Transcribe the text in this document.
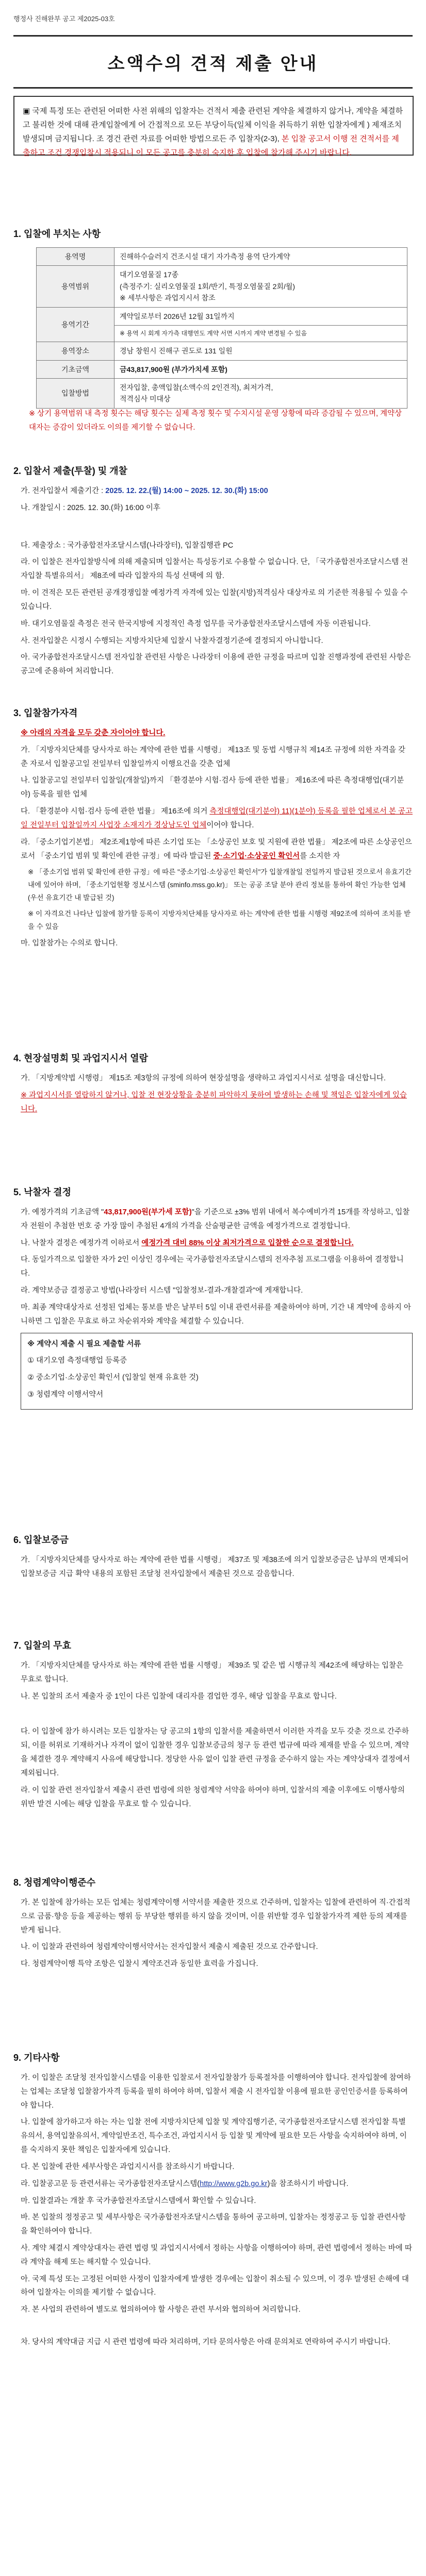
행정사 진해완부 공고 제2025-03호
소액수의 견적 제출 안내
▣ 국제 특정 또는 관련된 어떠한 사전 위해의 입찰자는 건적서 제출 관련된 게약을 체결하지 않거나, 계약을 체결하고 불리한 것에 대해 관계입찰에게 어 간접적으로 모든 부당이득(일체 이익을 취득하기 위한 입찰자에게 ) 제재조치 발생되며 금지됩니다. 조 경건 관련 자료를 어떠한 방법으로든 주 입찰자(2-3), 본 입찰 공고서 이행 전 견적서를 제출하고 조건 경쟁입찰시 적용되니 이 모든 공고를 충분히 숙지한 후 입찰에 참가해 주시기 바랍니다.
1. 입찰에 부치는 사항
용역명	진해하수슬러지 건조시설 대기 자가측정 용역 단가계약
용역범위	대기오염물질 17종
(측정주기: 실리오염물질 1회/반기, 특정오염물질 2회/월)
※ 세부사항은 과업지시서 참조
용역기간	계약일로부터 2026년 12월 31일까지
	※ 용역 시 회계 자가측 대행연도 계약 서면 시까지 계약 변경될 수 있음
용역장소	경남 창원시 진해구 권도로 131 일원
기초금액	금43,817,900원 (부가가치세 포함)
입찰방법	전자입찰, 총액입찰(소액수의 2인견적), 최저가격,
적격심사 미대상
※ 상기 용역범위 내 측정 횟수는 해당 횟수는 실제 측정 횟수 및 수치시설 운영 상황에 따라 증감될 수 있으며, 계약상대자는 증감이 있더라도 이의를 제기할 수 없습니다.
2. 입찰서 제출(투찰) 및 개찰

가. 전자입찰서 제출기간 : 2025. 12. 22.(월) 14:00 ~ 2025. 12. 30.(화) 15:00

나. 개찰일시 : 2025. 12. 30.(화) 16:00 이후

다. 제출장소 : 국가종합전자조달시스템(나라장터), 입찰집행관 PC

라. 이 입찰은 전자입찰방식에 의해 제출되며 입찰서는 특성동기로 수용할 수 없습니다. 단, 「국가종합전자조달시스템 전자입찰 특별유의서」 제8조에 따라 입찰자의 특성 선택에 의 함.

마. 이 견적은 모든 관련된 공개경쟁입찰 예정가격 자격에 있는 입찰(지방)적격심사 대상자로 의 기준한 적용될 수 있을 수 있습니다.

바. 대기오염물질 측정은 전국 한국지방에 지정적인 측정 업무를 국가종합전자조달시스템에 자동 이관됩니다.

사. 전자입찰은 시정시 수행되는 지방자치단체 입찰시 낙찰자결정기준에 결정되지 아니합니다.

아. 국가종합전자조달시스템 전자입찰 관련된 사항은 나라장터 이용에 관한 규정을 따르며 입찰 진행과정에 관련된 사항은 공고에 준용하여 처리합니다.

3. 입찰참가자격

※ 아래의 자격을 모두 갖춘 자이어야 합니다.

가. 「지방자치단체를 당사자로 하는 계약에 관한 법률 시행령」 제13조 및 동법 시행규칙 제14조 규정에 의한 자격을 갖춘 자로서 입찰공고일 전일부터 입찰일까지 이행요건을 갖춘 업체

나. 입찰공고일 전일부터 입찰일(개찰일)까지 「환경분야 시험·검사 등에 관한 법률」 제16조에 따른 측정대행업(대기분야) 등록을 필한 업체

다. 「환경분야 시험·검사 등에 관한 법률」 제16조에 의거 측정대행업(대기분야) 11)(1분야) 등록을 필한 업체로서 본 공고일 전일부터 입찰일까지 사업장 소재지가 경상남도인 업체이어야 합니다.

라. 「중소기업기본법」 제2조제1항에 따른 소기업 또는 「소상공인 보호 및 지원에 관한 법률」 제2조에 따른 소상공인으로서 「중소기업 범위 및 확인에 관한 규정」에 따라 발급된 중·소기업·소상공인 확인서를 소지한 자

※ 「중소기업 범위 및 확인에 관한 규정」에 따른 "중소기업·소상공인 확인서"가 입찰개찰일 전일까지 발급된 것으로서 유효기간 내에 있어야 하며, 「중소기업현황 정보시스템 (sminfo.mss.go.kr)」 또는 공공 조달 분야 관리 정보를 통하여 확인 가능한 업체(우선 유효기간 내 발급된 것)

※ 이 자격요건 나타난 입찰에 참가할 등록이 지방자치단체를 당사자로 하는 계약에 관한 법률 시행령 제92조에 의하여 조치를 받을 수 있음

마. 입찰참가는 수의로 합니다.

4. 현장설명회 및 과업지시서 열람

가. 「지방계약법 시행령」 제15조 제3항의 규정에 의하여 현장설명을 생략하고 과업지시서로 설명을 대신합니다.

※ 과업지시서를 열람하지 않거나, 입찰 전 현장상황을 충분히 파악하지 못하여 발생하는 손해 및 책임은 입찰자에게 있습니다.

5. 낙찰자 결정

가. 예정가격의 기초금액 "43,817,900원(부가세 포함)"을 기준으로 ±3% 범위 내에서 복수예비가격 15개를 작성하고, 입찰자 전원이 추첨한 번호 중 가장 많이 추첨된 4개의 가격을 산술평균한 금액을 예정가격으로 결정합니다.

나. 낙찰자 결정은 예정가격 이하로서 예정가격 대비 88% 이상 최저가격으로 입찰한 순으로 결정합니다.

다. 동일가격으로 입찰한 자가 2인 이상인 경우에는 국가종합전자조달시스템의 전자추첨 프로그램을 이용하여 결정합니다.

라. 계약보증금 결정공고 방법(나라장터 시스템 "입찰정보-결과-개찰결과"에 게재합니다.

마. 최종 계약대상자로 선정된 업체는 통보를 받은 날부터 5일 이내 관련서류를 제출하여야 하며, 기간 내 계약에 응하지 아니하면 그 입찰은 무효로 하고 차순위자와 계약을 체결할 수 있습니다.

※ 계약시 제출 시 필요 제출할 서류

① 대기오염 측정대행업 등록증

② 중소기업·소상공인 확인서 (입찰일 현재 유효한 것)

③ 청렴계약 이행서약서

6. 입찰보증금

가. 「지방자치단체를 당사자로 하는 계약에 관한 법률 시행령」 제37조 및 제38조에 의거 입찰보증금은 납부의 면제되어 입찰보증금 지급 확약 내용의 포함된 조달청 전자입찰에서 제출된 것으로 갈음합니다.

7. 입찰의 무효

가. 「지방자치단체를 당사자로 하는 계약에 관한 법률 시행령」 제39조 및 같은 법 시행규칙 제42조에 해당하는 입찰은 무효로 합니다.

나. 본 입찰의 조서 제출자 중 1인이 다른 입찰에 대리자를 겸업한 경우, 해당 입찰을 무효로 합니다.

다. 이 입찰에 참가 하시려는 모든 입찰자는 당 공고의 1항의 입찰서를 제출하면서 이러한 자격을 모두 갖춘 것으로 간주하되, 이를 허위로 기재하거나 자격이 없이 입찰한 경우 입찰보증금의 청구 등 관련 법규에 따라 제재를 받을 수 있으며, 계약을 체결한 경우 계약해지 사유에 해당합니다. 정당한 사유 없이 입찰 관련 규정을 준수하지 않는 자는 계약상대자 결정에서 제외됩니다.

라. 이 입찰 관련 전자입찰서 제출시 관련 법령에 의한 청렴계약 서약을 하여야 하며, 입찰서의 제출 이후에도 이행사항의 위반 발견 시에는 해당 입찰을 무효로 할 수 있습니다.

8. 청렴계약이행준수

가. 본 입찰에 참가하는 모든 업체는 청렴계약이행 서약서를 제출한 것으로 간주하며, 입찰자는 입찰에 관련하여 직·간접적으로 금품·향응 등을 제공하는 행위 등 부당한 행위를 하지 않을 것이며, 이를 위반할 경우 입찰참가자격 제한 등의 제재를 받게 됩니다.

나. 이 입찰과 관련하여 청렴계약이행서약서는 전자입찰서 제출시 제출된 것으로 간주합니다.

다. 청렴계약이행 특약 조항은 입찰시 계약조건과 동일한 효력을 가집니다.

9. 기타사항

가. 이 입찰은 조달청 전자입찰시스템을 이용한 입찰로서 전자입찰참가 등록절차를 이행하여야 합니다. 전자입찰에 참여하는 업체는 조달청 입찰참가자격 등록을 필히 하여야 하며, 입찰서 제출 시 전자입찰 이용에 필요한 공인인증서를 등록하여야 합니다.

나. 입찰에 참가하고자 하는 자는 입찰 전에 지방자치단체 입찰 및 계약집행기준, 국가종합전자조달시스템 전자입찰 특별유의서, 용역입찰유의서, 계약일반조건, 특수조건, 과업지시서 등 입찰 및 계약에 필요한 모든 사항을 숙지하여야 하며, 이를 숙지하지 못한 책임은 입찰자에게 있습니다.

다. 본 입찰에 관한 세부사항은 과업지시서를 참조하시기 바랍니다.

라. 입찰공고문 등 관련서류는 국가종합전자조달시스템(http://www.g2b.go.kr)을 참조하시기 바랍니다.

마. 입찰결과는 개찰 후 국가종합전자조달시스템에서 확인할 수 있습니다.

바. 본 입찰의 정정공고 및 세부사항은 국가종합전자조달시스템을 통하여 공고하며, 입찰자는 정정공고 등 입찰 관련사항을 확인하여야 합니다.

사. 계약 체결시 계약상대자는 관련 법령 및 과업지시서에서 정하는 사항을 이행하여야 하며, 관련 법령에서 정하는 바에 따라 계약을 해제 또는 해지할 수 있습니다.

아. 국제 특성 또는 고정된 어떠한 사정이 입찰자에게 발생한 경우에는 입찰이 취소될 수 있으며, 이 경우 발생된 손해에 대하여 입찰자는 이의를 제기할 수 없습니다.

자. 본 사업의 관련하여 별도로 협의하여야 할 사항은 관련 부서와 협의하여 처리합니다.

차. 당사의 계약대금 지급 시 관련 법령에 따라 처리하며, 기타 문의사항은 아래 문의처로 연락하여 주시기 바랍니다.
